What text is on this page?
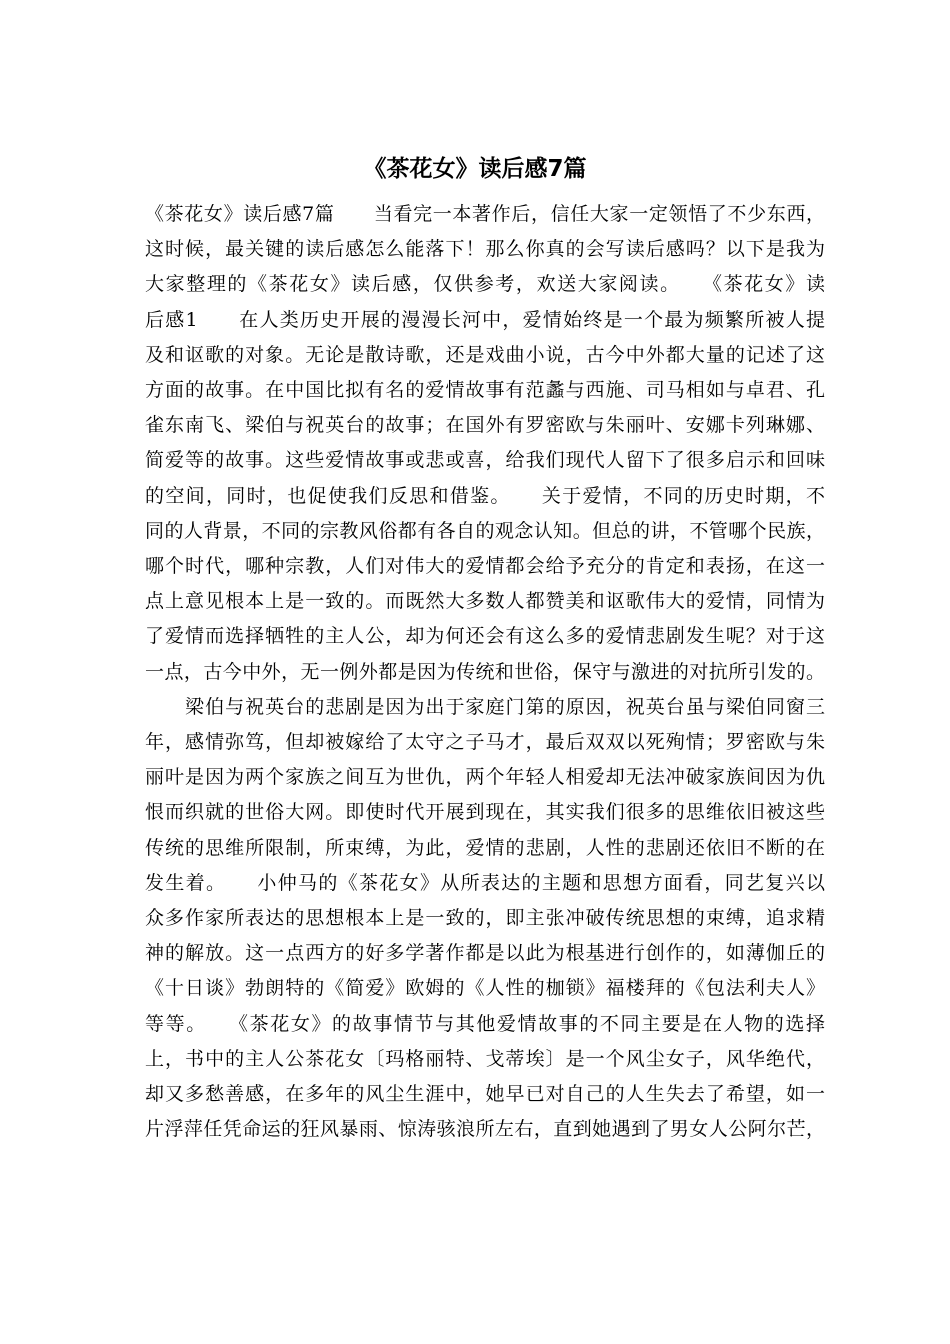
《茶花女》读后感7篇
《茶花女》读后感7篇　　当看完一本著作后，信任大家一定领悟了不少东西，
这时候，最关键的读后感怎么能落下！那么你真的会写读后感吗？以下是我为
大家整理的《茶花女》读后感，仅供参考，欢送大家阅读。　　《茶花女》读
后感1　　在人类历史开展的漫漫长河中，爱情始终是一个最为频繁所被人提
及和讴歌的对象。无论是散诗歌，还是戏曲小说，古今中外都大量的记述了这
方面的故事。在中国比拟有名的爱情故事有范蠡与西施、司马相如与卓君、孔
雀东南飞、梁伯与祝英台的故事；在国外有罗密欧与朱丽叶、安娜卡列琳娜、
简爱等的故事。这些爱情故事或悲或喜，给我们现代人留下了很多启示和回味
的空间，同时，也促使我们反思和借鉴。　　关于爱情，不同的历史时期，不
同的人背景，不同的宗教风俗都有各自的观念认知。但总的讲，不管哪个民族，
哪个时代，哪种宗教，人们对伟大的爱情都会给予充分的肯定和表扬，在这一
点上意见根本上是一致的。而既然大多数人都赞美和讴歌伟大的爱情，同情为
了爱情而选择牺牲的主人公，却为何还会有这么多的爱情悲剧发生呢？对于这
一点，古今中外，无一例外都是因为传统和世俗，保守与激进的对抗所引发的。
　　梁伯与祝英台的悲剧是因为出于家庭门第的原因，祝英台虽与梁伯同窗三
年，感情弥笃，但却被嫁给了太守之子马才，最后双双以死殉情；罗密欧与朱
丽叶是因为两个家族之间互为世仇，两个年轻人相爱却无法冲破家族间因为仇
恨而织就的世俗大网。即使时代开展到现在，其实我们很多的思维依旧被这些
传统的思维所限制，所束缚，为此，爱情的悲剧，人性的悲剧还依旧不断的在
发生着。　　小仲马的《茶花女》从所表达的主题和思想方面看，同艺复兴以
众多作家所表达的思想根本上是一致的，即主张冲破传统思想的束缚，追求精
神的解放。这一点西方的好多学著作都是以此为根基进行创作的，如薄伽丘的
《十日谈》勃朗特的《简爱》欧姆的《人性的枷锁》福楼拜的《包法利夫人》
等等。　　《茶花女》的故事情节与其他爱情故事的不同主要是在人物的选择
上，书中的主人公茶花女〔玛格丽特、戈蒂埃〕是一个风尘女子，风华绝代，
却又多愁善感，在多年的风尘生涯中，她早已对自己的人生失去了希望，如一
片浮萍任凭命运的狂风暴雨、惊涛骇浪所左右，直到她遇到了男女人公阿尔芒，
